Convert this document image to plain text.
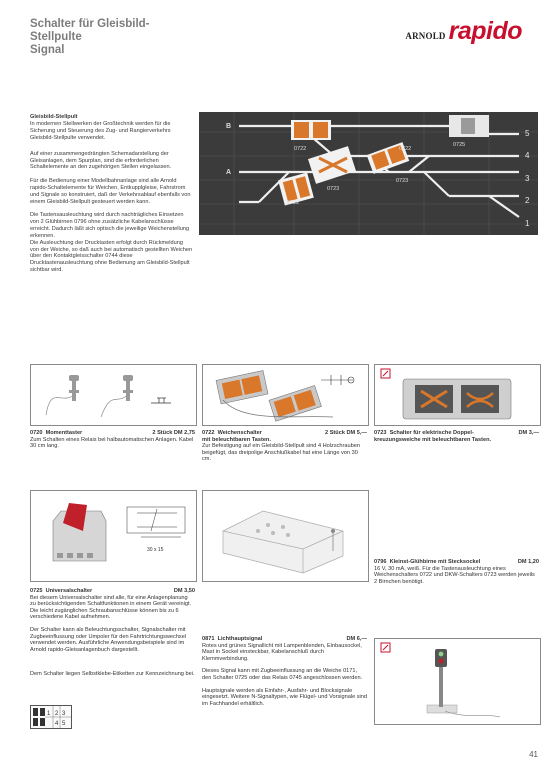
Schalter für Gleisbild-
Stellpulte
Signal
ARNOLD rapido
Gleisbild-Stellpult

In modernen Stellwerken der Großtechnik werden für die Sicherung und Steuerung des Zug- und Rangierverkehrs Gleisbild-Stellpulte verwendet.

Auf einer zusammengedrängten Schemadarstellung der Gleisanlagen, dem Spurplan, sind die erforderlichen Schaltelemente an den zugehörigen Stellen eingelassen.

Für die Bedienung einer Modellbahnanlage sind alle Arnold rapido-Schaltelemente für Weichen, Entkupplgleise, Fahrstrom und Signale so konstruiert, daß der Verkehrsablauf ebenfalls von einem Gleisbild-Stellpult gesteuert werden kann.

Die Tastensausleuchtung wird durch nachträgliches Einsetzen von 2 Glühbirnen 0796 ohne zusätzliche Kabelanschlüsse erreicht. Dadurch läßt sich optisch die jeweilige Weichenstellung erkennen.
Die Ausleuchtung der Drucktasten erfolgt durch Rückmeldung von der Weiche, so daß auch bei automatisch gestellten Weichen über den Kontaktgleisschalter 0744 diese Drucktastenausleuchtung ohne Bedienung am Gleisbild-Stellpult sichtbar wird.

B
A
5
4
3
2
1
0722
0725
0722
0723
0722
0723
0720 Momenttaster	2 Stück DM 2,75
Zum Schalten eines Relais bei halbautomatischen Anlagen. Kabel 30 cm lang.
0722 Weichenschalter	2 Stück DM 5,—
mit beleuchtbaren Tasten.
Zur Befestigung auf ein Gleisbild-Stellpult sind 4 Holzschrauben beigefügt, das dreipolige Anschlußkabel hat eine Länge von 30 cm.
0723 Schalter für elektrische Doppel-	DM 3,—
kreuzungsweiche mit beleuchtbaren Tasten.
30 x 15
0796 Kleinst-Glühbirne mit Stecksockel	DM 1,20
16 V, 30 mA, weiß. Für die Tastenausleuchtung eines Weichenschalters 0722 und DKW-Schalters 0723 werden jeweils 2 Birnchen benötigt.
0725 Universalschalter	DM 3,50
Bei diesem Universalschalter sind alle, für eine Anlagenplanung zu berücksichtigenden Schaltfunktionen in einem Gerät vereinigt. Die leicht zugänglichen Schraubanschlüsse können bis zu 6 verschiedene Kabel aufnehmen.
Der Schalter kann als Beleuchtungsschalter, Signalschalter mit Zugbeeinflussung oder Umpoler für den Fahrtrichtungswechsel verwendet werden. Ausführliche Anwendungsbeispiele sind im Arnold rapido-Gleisanlagenbuch dargestellt.
Dem Schalter liegen Selbstklebe-Etiketten zur Kennzeichnung bei.
1 2 3
4 5
0871 Lichthauptsignal	DM 6,—
Rotes und grünes Signallicht mit Lampenblenden, Einbausockel, Mast in Sockel einsteckbar, Kabelanschluß durch Klemmverbindung.
Dieses Signal kann mit Zugbeeinflussung an die Weiche 0171, den Schalter 0725 oder das Relais 0745 angeschlossen werden.
Hauptsignale werden als Einfahr-, Ausfahr- und Blocksignale eingesetzt. Weitere N-Signaltypen, wie Flügel- und Vorsignale sind im Fachhandel erhältlich.
41
